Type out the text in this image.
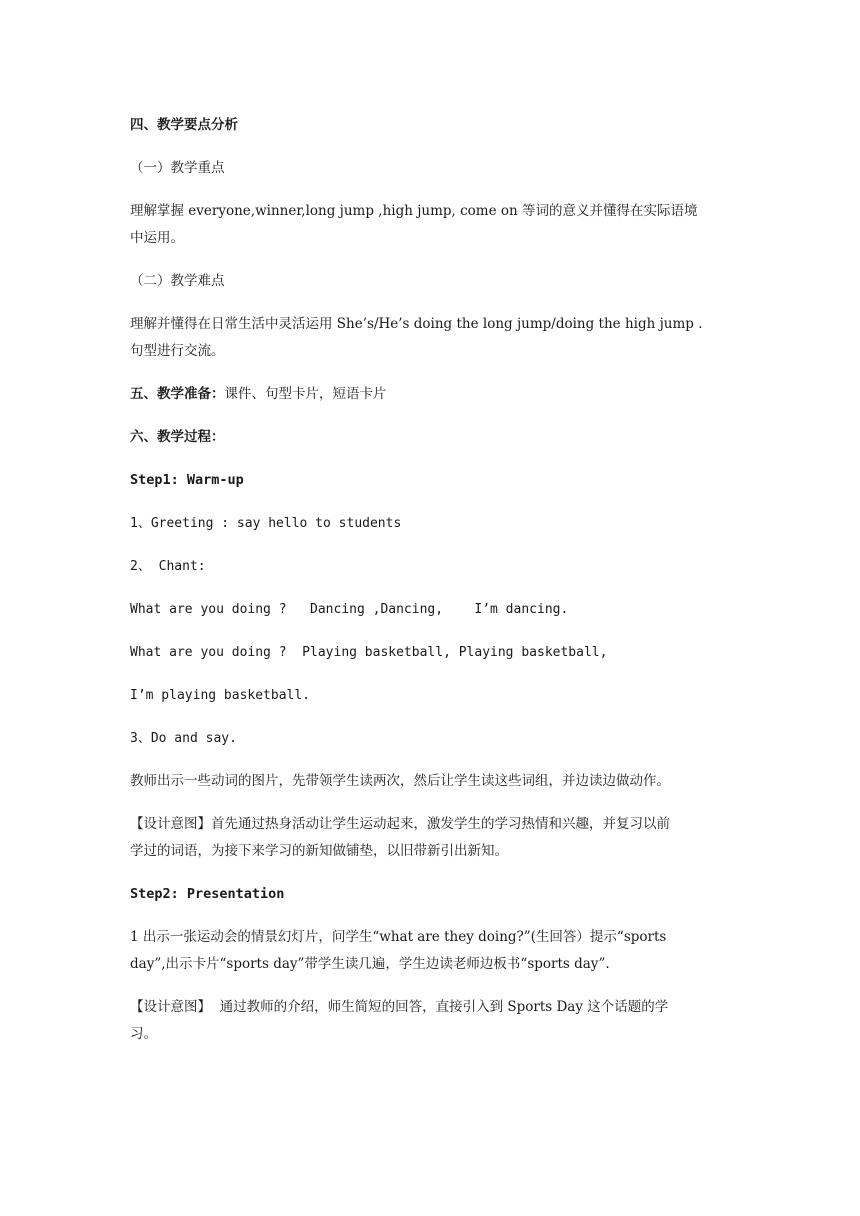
四、教学要点分析

（一）教学重点

理解掌握 everyone,winner,long jump ,high jump, come on 等词的意义并懂得在实际语境

中运用。

（二）教学难点

理解并懂得在日常生活中灵活运用 She’s/He’s doing the long jump/doing the high jump .

句型进行交流。

五、教学准备：课件、句型卡片，短语卡片

六、教学过程：

Step1: Warm-up

1、Greeting : say hello to students

2、 Chant:

What are you doing ?   Dancing ,Dancing,    I’m dancing.

What are you doing ?  Playing basketball, Playing basketball,

I’m playing basketball.

3、Do and say.

教师出示一些动词的图片，先带领学生读两次，然后让学生读这些词组，并边读边做动作。

【设计意图】首先通过热身活动让学生运动起来，激发学生的学习热情和兴趣，并复习以前

学过的词语，为接下来学习的新知做铺垫，以旧带新引出新知。

Step2: Presentation

1 出示一张运动会的情景幻灯片，问学生“what are they doing?”(生回答）提示“sports

day”,出示卡片“sports day”带学生读几遍，学生边读老师边板书“sports day”.

【设计意图】  通过教师的介绍，师生简短的回答，直接引入到 Sports Day 这个话题的学

习。
